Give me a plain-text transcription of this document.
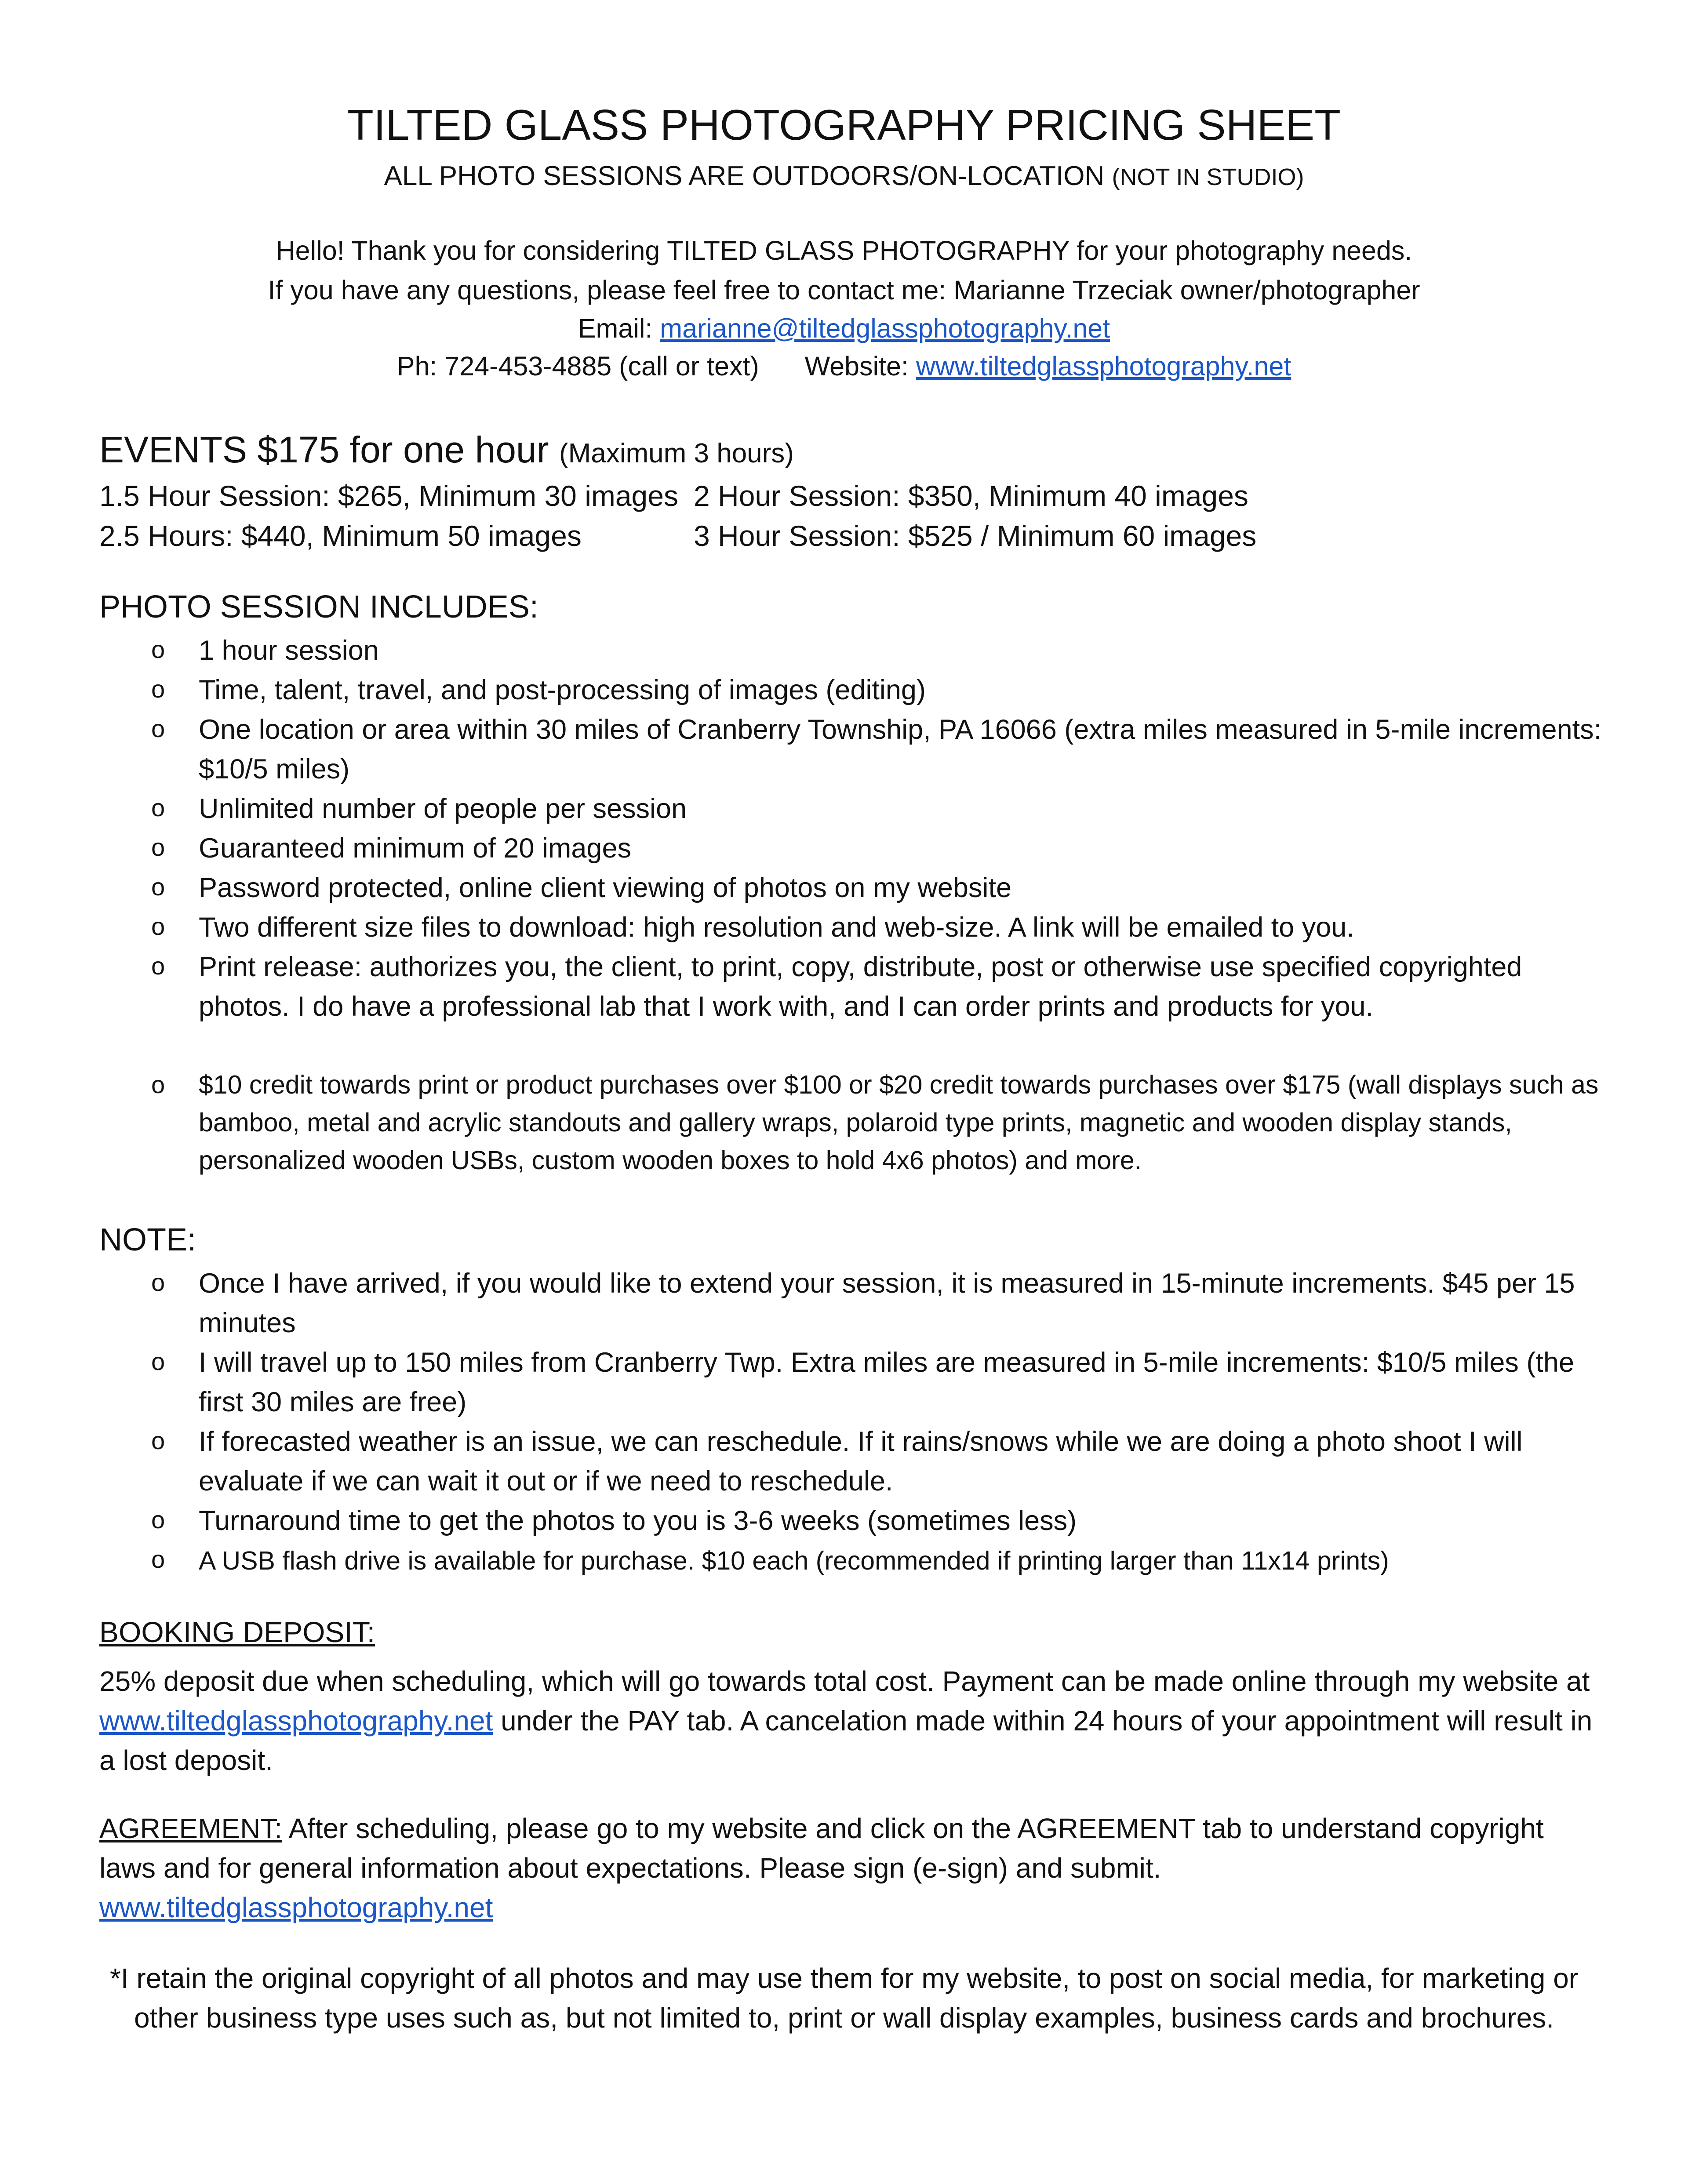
TILTED GLASS PHOTOGRAPHY PRICING SHEET
ALL PHOTO SESSIONS ARE OUTDOORS/ON-LOCATION (NOT IN STUDIO)
Hello! Thank you for considering TILTED GLASS PHOTOGRAPHY for your photography needs.
If you have any questions, please feel free to contact me: Marianne Trzeciak owner/photographer
Email: marianne@tiltedglassphotography.net
Ph: 724-453-4885 (call or text) Website: www.tiltedglassphotography.net
EVENTS $175 for one hour (Maximum 3 hours)
1.5 Hour Session: $265, Minimum 30 images 2 Hour Session: $350, Minimum 40 images
2.5 Hours: $440, Minimum 50 images	3 Hour Session: $525 / Minimum 60 images
PHOTO SESSION INCLUDES:
o 1 hour session
o Time, talent, travel, and post-processing of images (editing)
o One location or area within 30 miles of Cranberry Township, PA 16066 (extra miles measured in 5-mile increments: $10/5 miles)
o Unlimited number of people per session
o Guaranteed minimum of 20 images
o Password protected, online client viewing of photos on my website
o Two different size files to download: high resolution and web-size. A link will be emailed to you.
o Print release: authorizes you, the client, to print, copy, distribute, post or otherwise use specified copyrighted photos. I do have a professional lab that I work with, and I can order prints and products for you.
o $10 credit towards print or product purchases over $100 or $20 credit towards purchases over $175 (wall displays such as bamboo, metal and acrylic standouts and gallery wraps, polaroid type prints, magnetic and wooden display stands, personalized wooden USBs, custom wooden boxes to hold 4x6 photos) and more.
NOTE:
o Once I have arrived, if you would like to extend your session, it is measured in 15-minute increments. $45 per 15 minutes
o I will travel up to 150 miles from Cranberry Twp. Extra miles are measured in 5-mile increments: $10/5 miles (the first 30 miles are free)
o If forecasted weather is an issue, we can reschedule. If it rains/snows while we are doing a photo shoot I will evaluate if we can wait it out or if we need to reschedule.
o Turnaround time to get the photos to you is 3-6 weeks (sometimes less)
o A USB flash drive is available for purchase. $10 each (recommended if printing larger than 11x14 prints)
BOOKING DEPOSIT:
25% deposit due when scheduling, which will go towards total cost. Payment can be made online through my website at www.tiltedglassphotography.net under the PAY tab. A cancelation made within 24 hours of your appointment will result in a lost deposit.
AGREEMENT: After scheduling, please go to my website and click on the AGREEMENT tab to understand copyright laws and for general information about expectations. Please sign (e-sign) and submit.
www.tiltedglassphotography.net
*I retain the original copyright of all photos and may use them for my website, to post on social media, for marketing or other business type uses such as, but not limited to, print or wall display examples, business cards and brochures.
